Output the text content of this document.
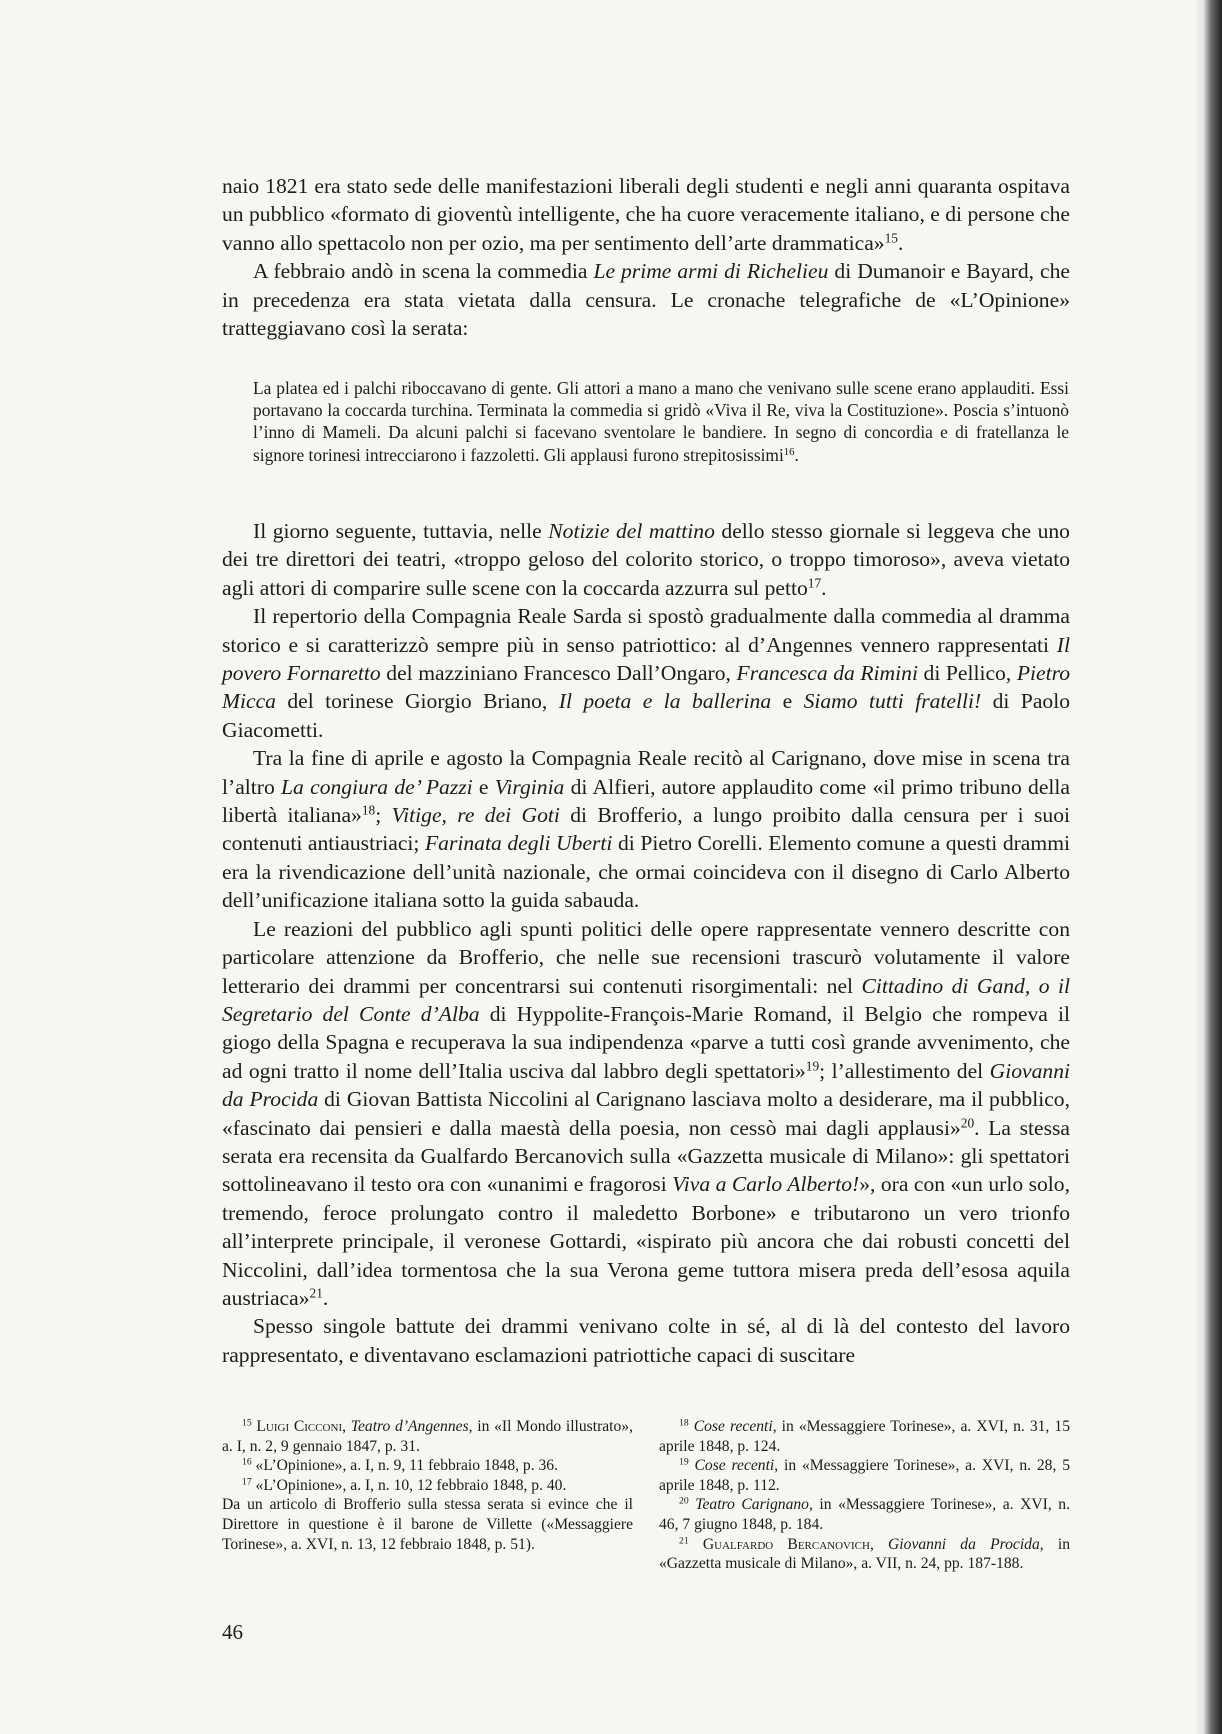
naio 1821 era stato sede delle manifestazioni liberali degli studenti e negli anni quaranta ospitava un pubblico «formato di gioventù intelligente, che ha cuore veracemente italiano, e di persone che vanno allo spettacolo non per ozio, ma per sentimento dell’arte drammatica»$^{15}$.

A febbraio andò in scena la commedia Le prime armi di Richelieu di Dumanoir e Bayard, che in precedenza era stata vietata dalla censura. Le cronache telegrafiche de «L’Opinione» tratteggiavano così la serata:

La platea ed i palchi riboccavano di gente. Gli attori a mano a mano che venivano sulle scene erano applauditi. Essi portavano la coccarda turchina. Terminata la commedia si gridò «Viva il Re, viva la Costituzione». Poscia s’intuonò l’inno di Mameli. Da alcuni palchi si facevano sventolare le bandiere. In segno di concordia e di fratellanza le signore torinesi intrecciarono i fazzoletti. Gli applausi furono strepitosissimi$^{16}$.

Il giorno seguente, tuttavia, nelle Notizie del mattino dello stesso giornale si leggeva che uno dei tre direttori dei teatri, «troppo geloso del colorito storico, o troppo timoroso», aveva vietato agli attori di comparire sulle scene con la coccarda azzurra sul petto$^{17}$.

Il repertorio della Compagnia Reale Sarda si spostò gradualmente dalla commedia al dramma storico e si caratterizzò sempre più in senso patriottico: al d’Angennes vennero rappresentati Il povero Fornaretto del mazziniano Francesco Dall’Ongaro, Francesca da Rimini di Pellico, Pietro Micca del torinese Giorgio Briano, Il poeta e la ballerina e Siamo tutti fratelli! di Paolo Giacometti.

Tra la fine di aprile e agosto la Compagnia Reale recitò al Carignano, dove mise in scena tra l’altro La congiura de’ Pazzi e Virginia di Alfieri, autore applaudito come «il primo tribuno della libertà italiana»$^{18}$; Vitige, re dei Goti di Brofferio, a lungo proibito dalla censura per i suoi contenuti antiaustriaci; Farinata degli Uberti di Pietro Corelli. Elemento comune a questi drammi era la rivendicazione dell’unità nazionale, che ormai coincideva con il disegno di Carlo Alberto dell’unificazione italiana sotto la guida sabauda.

Le reazioni del pubblico agli spunti politici delle opere rappresentate vennero descritte con particolare attenzione da Brofferio, che nelle sue recensioni trascurò volutamente il valore letterario dei drammi per concentrarsi sui contenuti risorgimentali: nel Cittadino di Gand, o il Segretario del Conte d’Alba di Hyppolite-François-Marie Romand, il Belgio che rompeva il giogo della Spagna e recuperava la sua indipendenza «parve a tutti così grande avvenimento, che ad ogni tratto il nome dell’Italia usciva dal labbro degli spettatori»$^{19}$; l’allestimento del Giovanni da Procida di Giovan Battista Niccolini al Carignano lasciava molto a desiderare, ma il pubblico, «fascinato dai pensieri e dalla maestà della poesia, non cessò mai dagli applausi»$^{20}$. La stessa serata era recensita da Gualfardo Bercanovich sulla «Gazzetta musicale di Milano»: gli spettatori sottolineavano il testo ora con «unanimi e fragorosi Viva a Carlo Alberto!», ora con «un urlo solo, tremendo, feroce prolungato contro il maledetto Borbone» e tributarono un vero trionfo all’interprete principale, il veronese Gottardi, «ispirato più ancora che dai robusti concetti del Niccolini, dall’idea tormentosa che la sua Verona geme tuttora misera preda dell’esosa aquila austriaca»$^{21}$.

Spesso singole battute dei drammi venivano colte in sé, al di là del contesto del lavoro rappresentato, e diventavano esclamazioni patriottiche capaci di suscitare

$^{15}$ Luigi Cicconi, Teatro d’Angennes, in «Il Mondo illustrato», a. I, n. 2, 9 gennaio 1847, p. 31.

$^{16}$ «L’Opinione», a. I, n. 9, 11 febbraio 1848, p. 36.

$^{17}$ «L’Opinione», a. I, n. 10, 12 febbraio 1848, p. 40.

Da un articolo di Brofferio sulla stessa serata si evince che il Direttore in questione è il barone de Villette («Messaggiere Torinese», a. XVI, n. 13, 12 febbraio 1848, p. 51).

$^{18}$ Cose recenti, in «Messaggiere Torinese», a. XVI, n. 31, 15 aprile 1848, p. 124.

$^{19}$ Cose recenti, in «Messaggiere Torinese», a. XVI, n. 28, 5 aprile 1848, p. 112.

$^{20}$ Teatro Carignano, in «Messaggiere Torinese», a. XVI, n. 46, 7 giugno 1848, p. 184.

$^{21}$ Gualfardo Bercanovich, Giovanni da Procida, in «Gazzetta musicale di Milano», a. VII, n. 24, pp. 187-188.

46
